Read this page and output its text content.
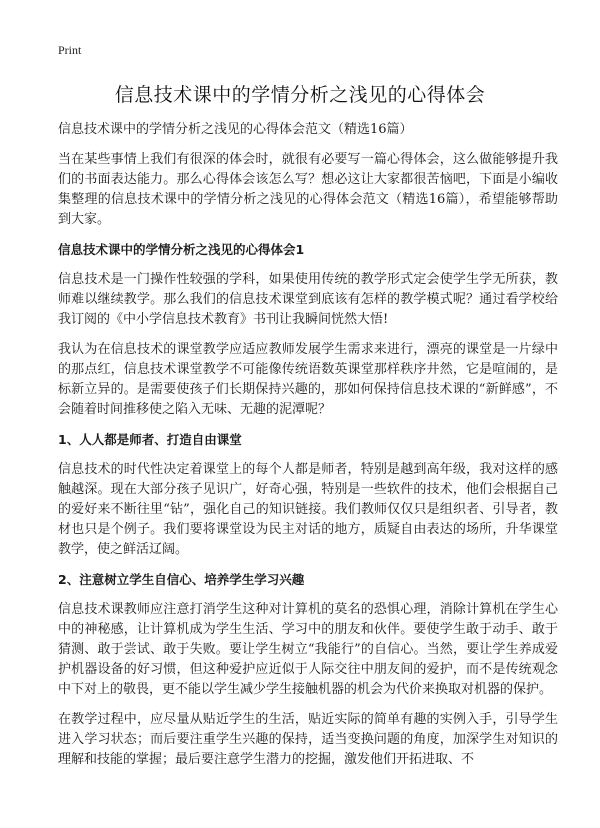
Print
信息技术课中的学情分析之浅见的心得体会

信息技术课中的学情分析之浅见的心得体会范文（精选16篇）

当在某些事情上我们有很深的体会时，就很有必要写一篇心得体会，这么做能够提升我们的书面表达能力。那么心得体会该怎么写？想必这让大家都很苦恼吧，下面是小编收集整理的信息技术课中的学情分析之浅见的心得体会范文（精选16篇），希望能够帮助到大家。

信息技术课中的学情分析之浅见的心得体会1

信息技术是一门操作性较强的学科，如果使用传统的教学形式定会使学生学无所获，教师难以继续教学。那么我们的信息技术课堂到底该有怎样的教学模式呢？通过看学校给我订阅的《中小学信息技术教育》书刊让我瞬间恍然大悟!

我认为在信息技术的课堂教学应适应教师发展学生需求来进行，漂亮的课堂是一片绿中的那点红，信息技术课堂教学不可能像传统语数英课堂那样秩序井然，它是喧闹的，是标新立异的。是需要使孩子们长期保持兴趣的，那如何保持信息技术课的“新鲜感”，不会随着时间推移使之陷入无味、无趣的泥潭呢？

1、人人都是师者、打造自由课堂

信息技术的时代性决定着课堂上的每个人都是师者，特别是越到高年级，我对这样的感触越深。现在大部分孩子见识广，好奇心强，特别是一些软件的技术，他们会根据自己的爱好来不断往里“钻”，强化自己的知识链接。我们教师仅仅只是组织者、引导者，教材也只是个例子。我们要将课堂设为民主对话的地方，质疑自由表达的场所，升华课堂教学，使之鲜活辽阔。

2、注意树立学生自信心、培养学生学习兴趣

信息技术课教师应注意打消学生这种对计算机的莫名的恐惧心理，消除计算机在学生心中的神秘感，让计算机成为学生生活、学习中的朋友和伙伴。要使学生敢于动手、敢于猜测、敢于尝试、敢于失败。要让学生树立“我能行”的自信心。当然，要让学生养成爱护机器设备的好习惯，但这种爱护应近似于人际交往中朋友间的爱护，而不是传统观念中下对上的敬畏，更不能以学生减少学生接触机器的机会为代价来换取对机器的保护。

在教学过程中，应尽量从贴近学生的生活，贴近实际的简单有趣的实例入手，引导学生进入学习状态；而后要注重学生兴趣的保持，适当变换问题的角度，加深学生对知识的理解和技能的掌握；最后要注意学生潜力的挖掘，激发他们开拓进取、不
